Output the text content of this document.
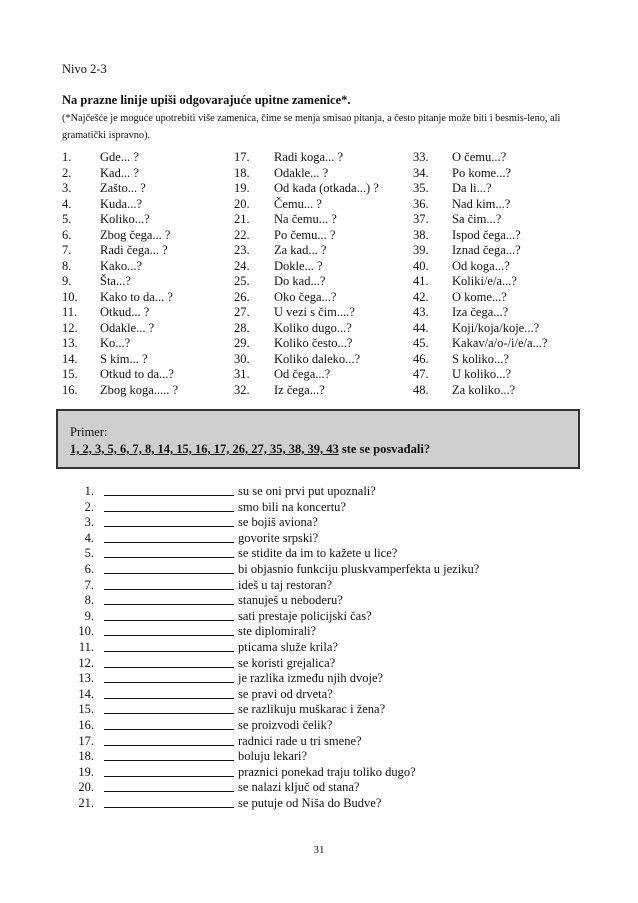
Nivo 2-3
Na prazne linije upiši odgovarajuće upitne zamenice*.
(*Najčešće je moguće upotrebiti više zamenica, čime se menja smisao pitanja, a često pitanje može biti i besmis-leno, ali gramatički ispravno).
1.	Gde... ?
2.	Kad... ?
3.	Zašto... ?
4.	Kuda...?
5.	Koliko...?
6.	Zbog čega... ?
7.	Radi čega... ?
8.	Kako...?
9.	Šta...?
10.	Kako to da... ?
11.	Otkud... ?
12.	Odakle... ?
13.	Ko...?
14.	S kim... ?
15.	Otkud to da...?
16.	Zbog koga..... ?
17.	Radi koga... ?
18.	Odakle... ?
19.	Od kada (otkada...) ?
20.	Čemu... ?
21.	Na čemu... ?
22.	Po čemu... ?
23.	Za kad... ?
24.	Dokle... ?
25.	Do kad...?
26.	Oko čega...?
27.	U vezi s čim....?
28.	Koliko dugo...?
29.	Koliko često...?
30.	Koliko daleko...?
31.	Od čega...?
32.	Iz čega...?
33.	O čemu...?
34.	Po kome...?
35.	Da li...?
36.	Nad kim...?
37.	Sa čim...?
38.	Ispod čega...?
39.	Iznad čega...?
40.	Od koga...?
41.	Koliki/e/a...?
42.	O kome...?
43.	Iza čega...?
44.	Koji/koja/koje...?
45.	Kakav/a/o-/i/e/a...?
46.	S koliko...?
47.	U koliko...?
48.	Za koliko...?
Primer:
1, 2, 3, 5, 6, 7, 8, 14, 15, 16, 17, 26, 27, 35, 38, 39, 43 ste se posvađali?
1.	su se oni prvi put upoznali?
2.	smo bili na koncertu?
3.	se bojiš aviona?
4.	govorite srpski?
5.	se stidite da im to kažete u lice?
6.	bi objasnio funkciju pluskvamperfekta u jeziku?
7.	ideš u taj restoran?
8.	stanuješ u neboderu?
9.	sati prestaje policijski čas?
10.	ste diplomirali?
11.	pticama služe krila?
12.	se koristi grejalica?
13.	je razlika između njih dvoje?
14.	se pravi od drveta?
15.	se razlikuju muškarac i žena?
16.	se proizvodi čelik?
17.	radnici rade u tri smene?
18.	boluju lekari?
19.	praznici ponekad traju toliko dugo?
20.	se nalazi ključ od stana?
21.	se putuje od Niša do Budve?
31
